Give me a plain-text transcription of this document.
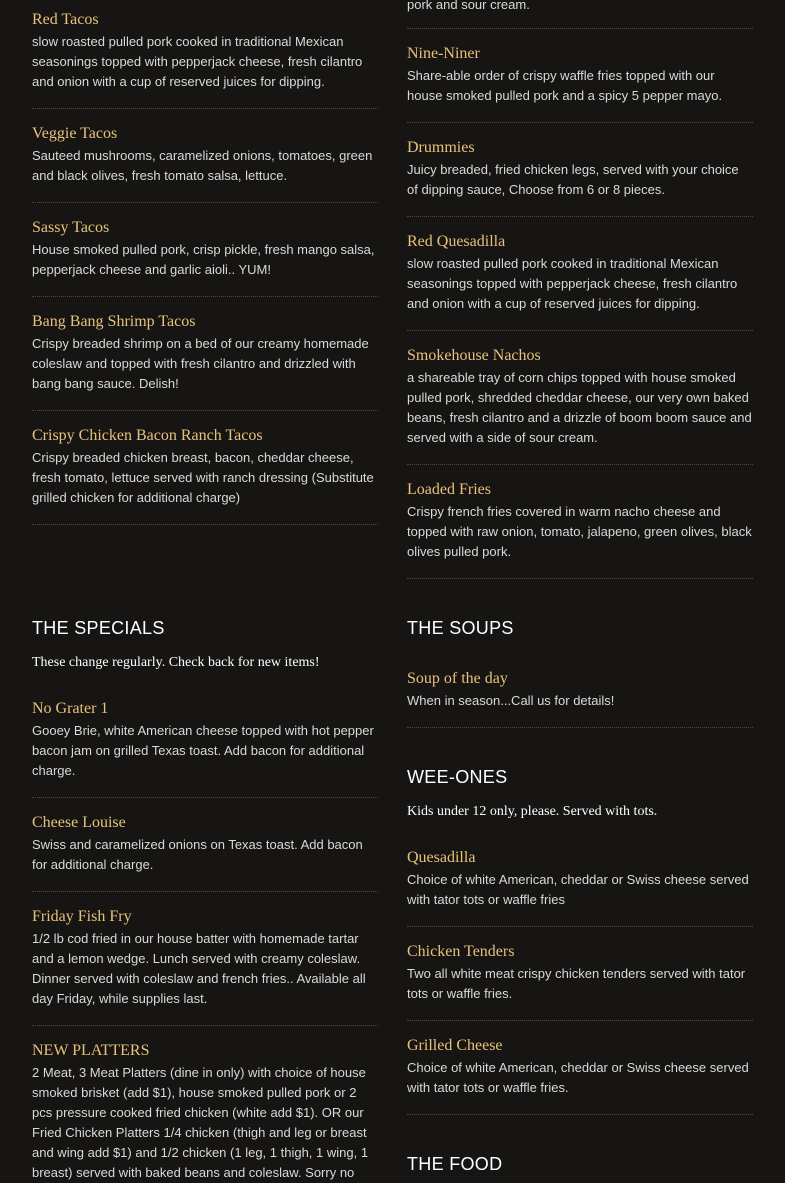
Red Tacos

slow roasted pulled pork cooked in traditional Mexican seasonings topped with pepperjack cheese, fresh cilantro and onion with a cup of reserved juices for dipping.

Veggie Tacos

Sauteed mushrooms, caramelized onions, tomatoes, green and black olives, fresh tomato salsa, lettuce.

Sassy Tacos

House smoked pulled pork, crisp pickle, fresh mango salsa, pepperjack cheese and garlic aioli.. YUM!

Bang Bang Shrimp Tacos

Crispy breaded shrimp on a bed of our creamy homemade coleslaw and topped with fresh cilantro and drizzled with bang bang sauce. Delish!

Crispy Chicken Bacon Ranch Tacos

Crispy breaded chicken breast, bacon, cheddar cheese, fresh tomato, lettuce served with ranch dressing (Substitute grilled chicken for additional charge)

THE SPECIALS
These change regularly. Check back for new items!

No Grater 1

Gooey Brie, white American cheese topped with hot pepper bacon jam on grilled Texas toast. Add bacon for additional charge.

Cheese Louise

Swiss and caramelized onions on Texas toast. Add bacon for additional charge.

Friday Fish Fry

1/2 lb cod fried in our house batter with homemade tartar and a lemon wedge. Lunch served with creamy coleslaw. Dinner served with coleslaw and french fries.. Available all day Friday, while supplies last.

NEW PLATTERS

2 Meat, 3 Meat Platters (dine in only) with choice of house smoked brisket (add $1), house smoked pulled pork or 2 pcs pressure cooked fried chicken (white add $1). OR our Fried Chicken Platters 1/4 chicken (thigh and leg or breast and wing add $1) and 1/2 chicken (1 leg, 1 thigh, 1 wing, 1 breast) served with baked beans and coleslaw. Sorry no

pork and sour cream.

Nine-Niner

Share-able order of crispy waffle fries topped with our house smoked pulled pork and a spicy 5 pepper mayo.

Drummies

Juicy breaded, fried chicken legs, served with your choice of dipping sauce, Choose from 6 or 8 pieces.

Red Quesadilla

slow roasted pulled pork cooked in traditional Mexican seasonings topped with pepperjack cheese, fresh cilantro and onion with a cup of reserved juices for dipping.

Smokehouse Nachos

a shareable tray of corn chips topped with house smoked pulled pork, shredded cheddar cheese, our very own baked beans, fresh cilantro and a drizzle of boom boom sauce and served with a side of sour cream.

Loaded Fries

Crispy french fries covered in warm nacho cheese and topped with raw onion, tomato, jalapeno, green olives, black olives pulled pork.

THE SOUPS

Soup of the day

When in season...Call us for details!

WEE-ONES
Kids under 12 only, please. Served with tots.

Quesadilla

Choice of white American, cheddar or Swiss cheese served with tator tots or waffle fries

Chicken Tenders

Two all white meat crispy chicken tenders served with tator tots or waffle fries.

Grilled Cheese

Choice of white American, cheddar or Swiss cheese served with tator tots or waffle fries.

THE FOOD
